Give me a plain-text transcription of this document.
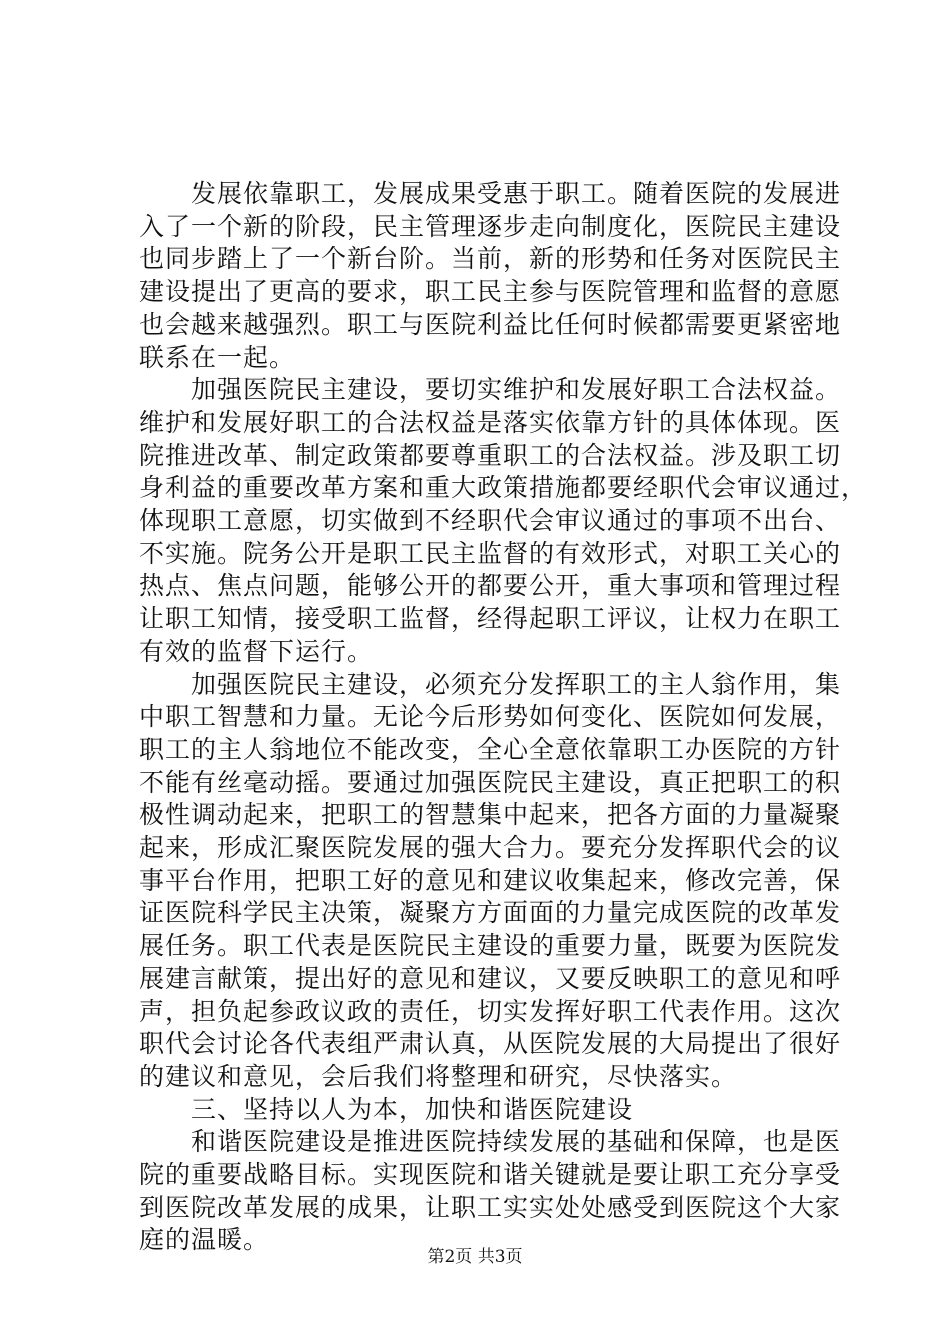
　　发展依靠职工，发展成果受惠于职工。随着医院的发展进
入了一个新的阶段，民主管理逐步走向制度化，医院民主建设
也同步踏上了一个新台阶。当前，新的形势和任务对医院民主
建设提出了更高的要求，职工民主参与医院管理和监督的意愿
也会越来越强烈。职工与医院利益比任何时候都需要更紧密地
联系在一起。
　　加强医院民主建设，要切实维护和发展好职工合法权益。
维护和发展好职工的合法权益是落实依靠方针的具体体现。医
院推进改革、制定政策都要尊重职工的合法权益。涉及职工切
身利益的重要改革方案和重大政策措施都要经职代会审议通过，
体现职工意愿，切实做到不经职代会审议通过的事项不出台、
不实施。院务公开是职工民主监督的有效形式，对职工关心的
热点、焦点问题，能够公开的都要公开，重大事项和管理过程
让职工知情，接受职工监督，经得起职工评议，让权力在职工
有效的监督下运行。
　　加强医院民主建设，必须充分发挥职工的主人翁作用，集
中职工智慧和力量。无论今后形势如何变化、医院如何发展，
职工的主人翁地位不能改变，全心全意依靠职工办医院的方针
不能有丝毫动摇。要通过加强医院民主建设，真正把职工的积
极性调动起来，把职工的智慧集中起来，把各方面的力量凝聚
起来，形成汇聚医院发展的强大合力。要充分发挥职代会的议
事平台作用，把职工好的意见和建议收集起来，修改完善，保
证医院科学民主决策，凝聚方方面面的力量完成医院的改革发
展任务。职工代表是医院民主建设的重要力量，既要为医院发
展建言献策，提出好的意见和建议，又要反映职工的意见和呼
声，担负起参政议政的责任，切实发挥好职工代表作用。这次
职代会讨论各代表组严肃认真，从医院发展的大局提出了很好
的建议和意见，会后我们将整理和研究，尽快落实。
　　三、坚持以人为本，加快和谐医院建设
　　和谐医院建设是推进医院持续发展的基础和保障，也是医
院的重要战略目标。实现医院和谐关键就是要让职工充分享受
到医院改革发展的成果，让职工实实处处感受到医院这个大家
庭的温暖。
第2页 共3页
